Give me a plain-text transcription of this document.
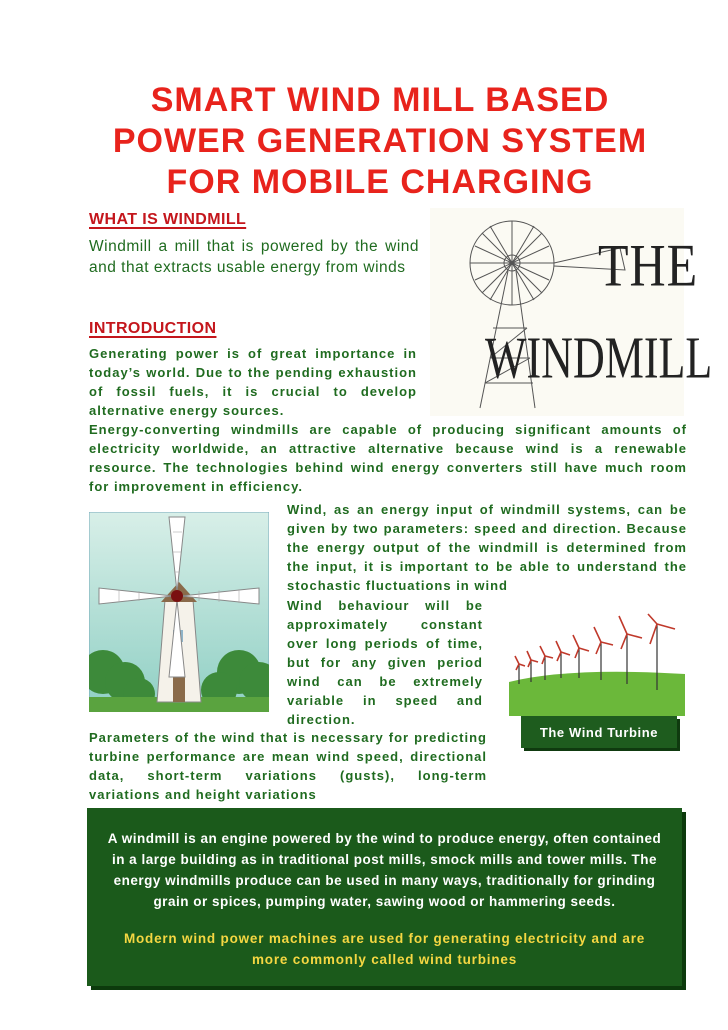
SMART WIND MILL BASED
POWER GENERATION SYSTEM
FOR MOBILE CHARGING
WHAT IS WINDMILL
Windmill a mill that is powered by the wind and that extracts usable energy from winds	THE
WINDMILL
INTRODUCTION
Generating power is of great importance in today’s world. Due to the pending exhaustion of fossil fuels, it is crucial to develop alternative energy sources.
Energy-converting windmills are capable of producing significant amounts of electricity worldwide, an attractive alternative because wind is a renewable resource. The technologies behind wind energy converters still have much room for improvement in efficiency.
Wind, as an energy input of windmill systems, can be given by two parameters: speed and direction. Because the energy output of the windmill is determined from the input, it is important to be able to understand the stochastic fluctuations in wind
Wind behaviour will be approximately constant over long periods of time, but for any given period wind can be extremely variable in speed and direction.
The Wind Turbine
Parameters of the wind that is necessary for predicting turbine performance are mean wind speed, directional data, short-term variations (gusts), long-term variations and height variations
A windmill is an engine powered by the wind to produce energy, often contained in a large building as in traditional post mills, smock mills and tower mills. The energy windmills produce can be used in many ways, traditionally for grinding grain or spices, pumping water, sawing wood or hammering seeds.
Modern wind power machines are used for generating electricity and are more commonly called wind turbines
